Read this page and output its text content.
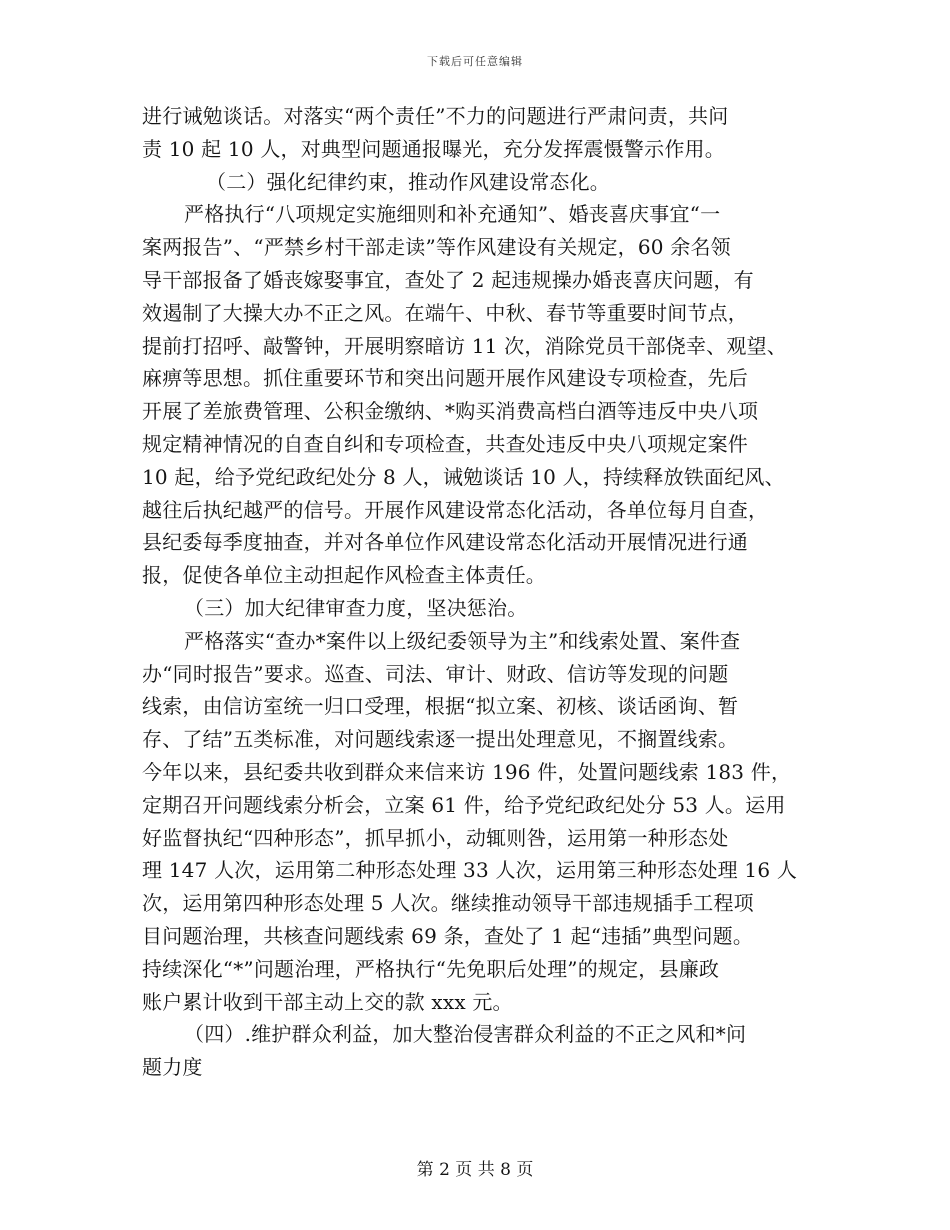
下载后可任意编辑
进行诫勉谈话。对落实“两个责任”不力的问题进行严肃问责，共问
责 10 起 10 人，对典型问题通报曝光，充分发挥震慑警示作用。
（二）强化纪律约束，推动作风建设常态化。
严格执行“八项规定实施细则和补充通知”、婚丧喜庆事宜“一
案两报告”、“严禁乡村干部走读”等作风建设有关规定，60 余名领
导干部报备了婚丧嫁娶事宜，查处了 2 起违规操办婚丧喜庆问题，有
效遏制了大操大办不正之风。在端午、中秋、春节等重要时间节点，
提前打招呼、敲警钟，开展明察暗访 11 次，消除党员干部侥幸、观望、
麻痹等思想。抓住重要环节和突出问题开展作风建设专项检查，先后
开展了差旅费管理、公积金缴纳、*购买消费高档白酒等违反中央八项
规定精神情况的自查自纠和专项检查，共查处违反中央八项规定案件
10 起，给予党纪政纪处分 8 人，诫勉谈话 10 人，持续释放铁面纪风、
越往后执纪越严的信号。开展作风建设常态化活动，各单位每月自查，
县纪委每季度抽查，并对各单位作风建设常态化活动开展情况进行通
报，促使各单位主动担起作风检查主体责任。
（三）加大纪律审查力度，坚决惩治。
严格落实“查办*案件以上级纪委领导为主”和线索处置、案件查
办“同时报告”要求。巡查、司法、审计、财政、信访等发现的问题
线索，由信访室统一归口受理，根据“拟立案、初核、谈话函询、暂
存、了结”五类标准，对问题线索逐一提出处理意见，不搁置线索。
今年以来，县纪委共收到群众来信来访 196 件，处置问题线索 183 件，
定期召开问题线索分析会，立案 61 件，给予党纪政纪处分 53 人。运用
好监督执纪“四种形态”，抓早抓小，动辄则咎，运用第一种形态处
理 147 人次，运用第二种形态处理 33 人次，运用第三种形态处理 16 人
次，运用第四种形态处理 5 人次。继续推动领导干部违规插手工程项
目问题治理，共核查问题线索 69 条，查处了 1 起“违插”典型问题。
持续深化“*”问题治理，严格执行“先免职后处理”的规定，县廉政
账户累计收到干部主动上交的款 xxx 元。
（四）.维护群众利益，加大整治侵害群众利益的不正之风和*问
题力度
第 2 页 共 8 页
